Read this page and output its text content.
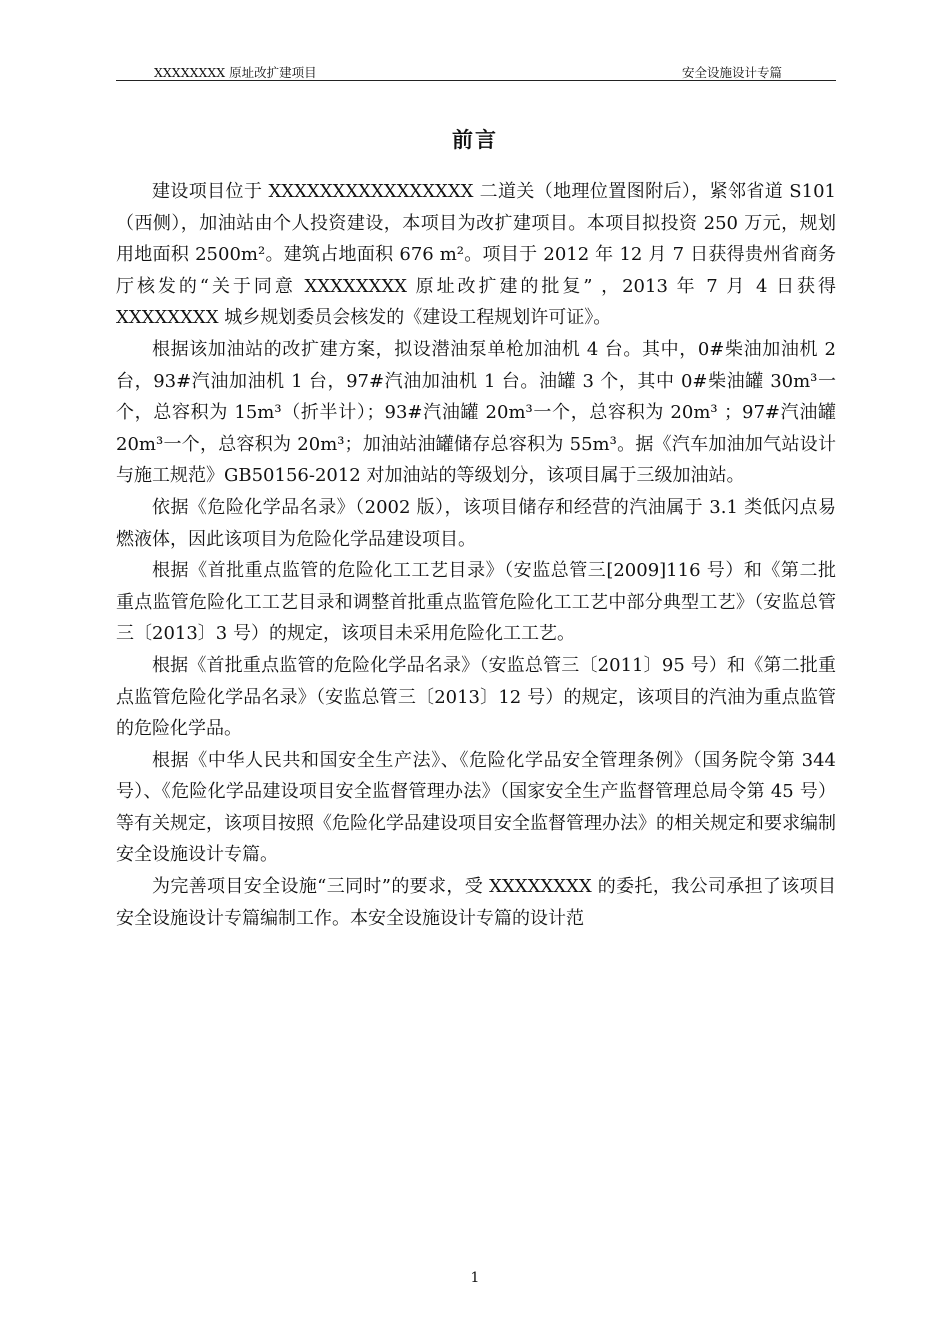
XXXXXXXX 原址改扩建项目	安全设施设计专篇
前言

建设项目位于 XXXXXXXXXXXXXXXX 二道关（地理位置图附后），紧邻省道 S101（西侧），加油站由个人投资建设，本项目为改扩建项目。本项目拟投资 250 万元，规划用地面积 2500m²。建筑占地面积 676 m²。项目于 2012 年 12 月 7 日获得贵州省商务厅核发的“关于同意 XXXXXXXX 原址改扩建的批复” ，2013 年 7 月 4 日获得 XXXXXXXX 城乡规划委员会核发的《建设工程规划许可证》。

根据该加油站的改扩建方案，拟设潜油泵单枪加油机 4 台。其中，0#柴油加油机 2 台，93#汽油加油机 1 台，97#汽油加油机 1 台。油罐 3 个，其中 0#柴油罐 30m³一个，总容积为 15m³（折半计）；93#汽油罐 20m³一个，总容积为 20m³ ；97#汽油罐 20m³一个，总容积为 20m³；加油站油罐储存总容积为 55m³。据《汽车加油加气站设计与施工规范》GB50156-2012 对加油站的等级划分，该项目属于三级加油站。

依据《危险化学品名录》（2002 版），该项目储存和经营的汽油属于 3.1 类低闪点易燃液体，因此该项目为危险化学品建设项目。

根据《首批重点监管的危险化工工艺目录》（安监总管三[2009]116 号）和《第二批重点监管危险化工工艺目录和调整首批重点监管危险化工工艺中部分典型工艺》（安监总管三〔2013〕3 号）的规定，该项目未采用危险化工工艺。

根据《首批重点监管的危险化学品名录》（安监总管三〔2011〕95 号）和《第二批重点监管危险化学品名录》（安监总管三〔2013〕12 号）的规定，该项目的汽油为重点监管的危险化学品。

根据《中华人民共和国安全生产法》、《危险化学品安全管理条例》（国务院令第 344 号）、《危险化学品建设项目安全监督管理办法》（国家安全生产监督管理总局令第 45 号）等有关规定，该项目按照《危险化学品建设项目安全监督管理办法》的相关规定和要求编制安全设施设计专篇。

为完善项目安全设施“三同时”的要求，受 XXXXXXXX 的委托，我公司承担了该项目安全设施设计专篇编制工作。本安全设施设计专篇的设计范

1
